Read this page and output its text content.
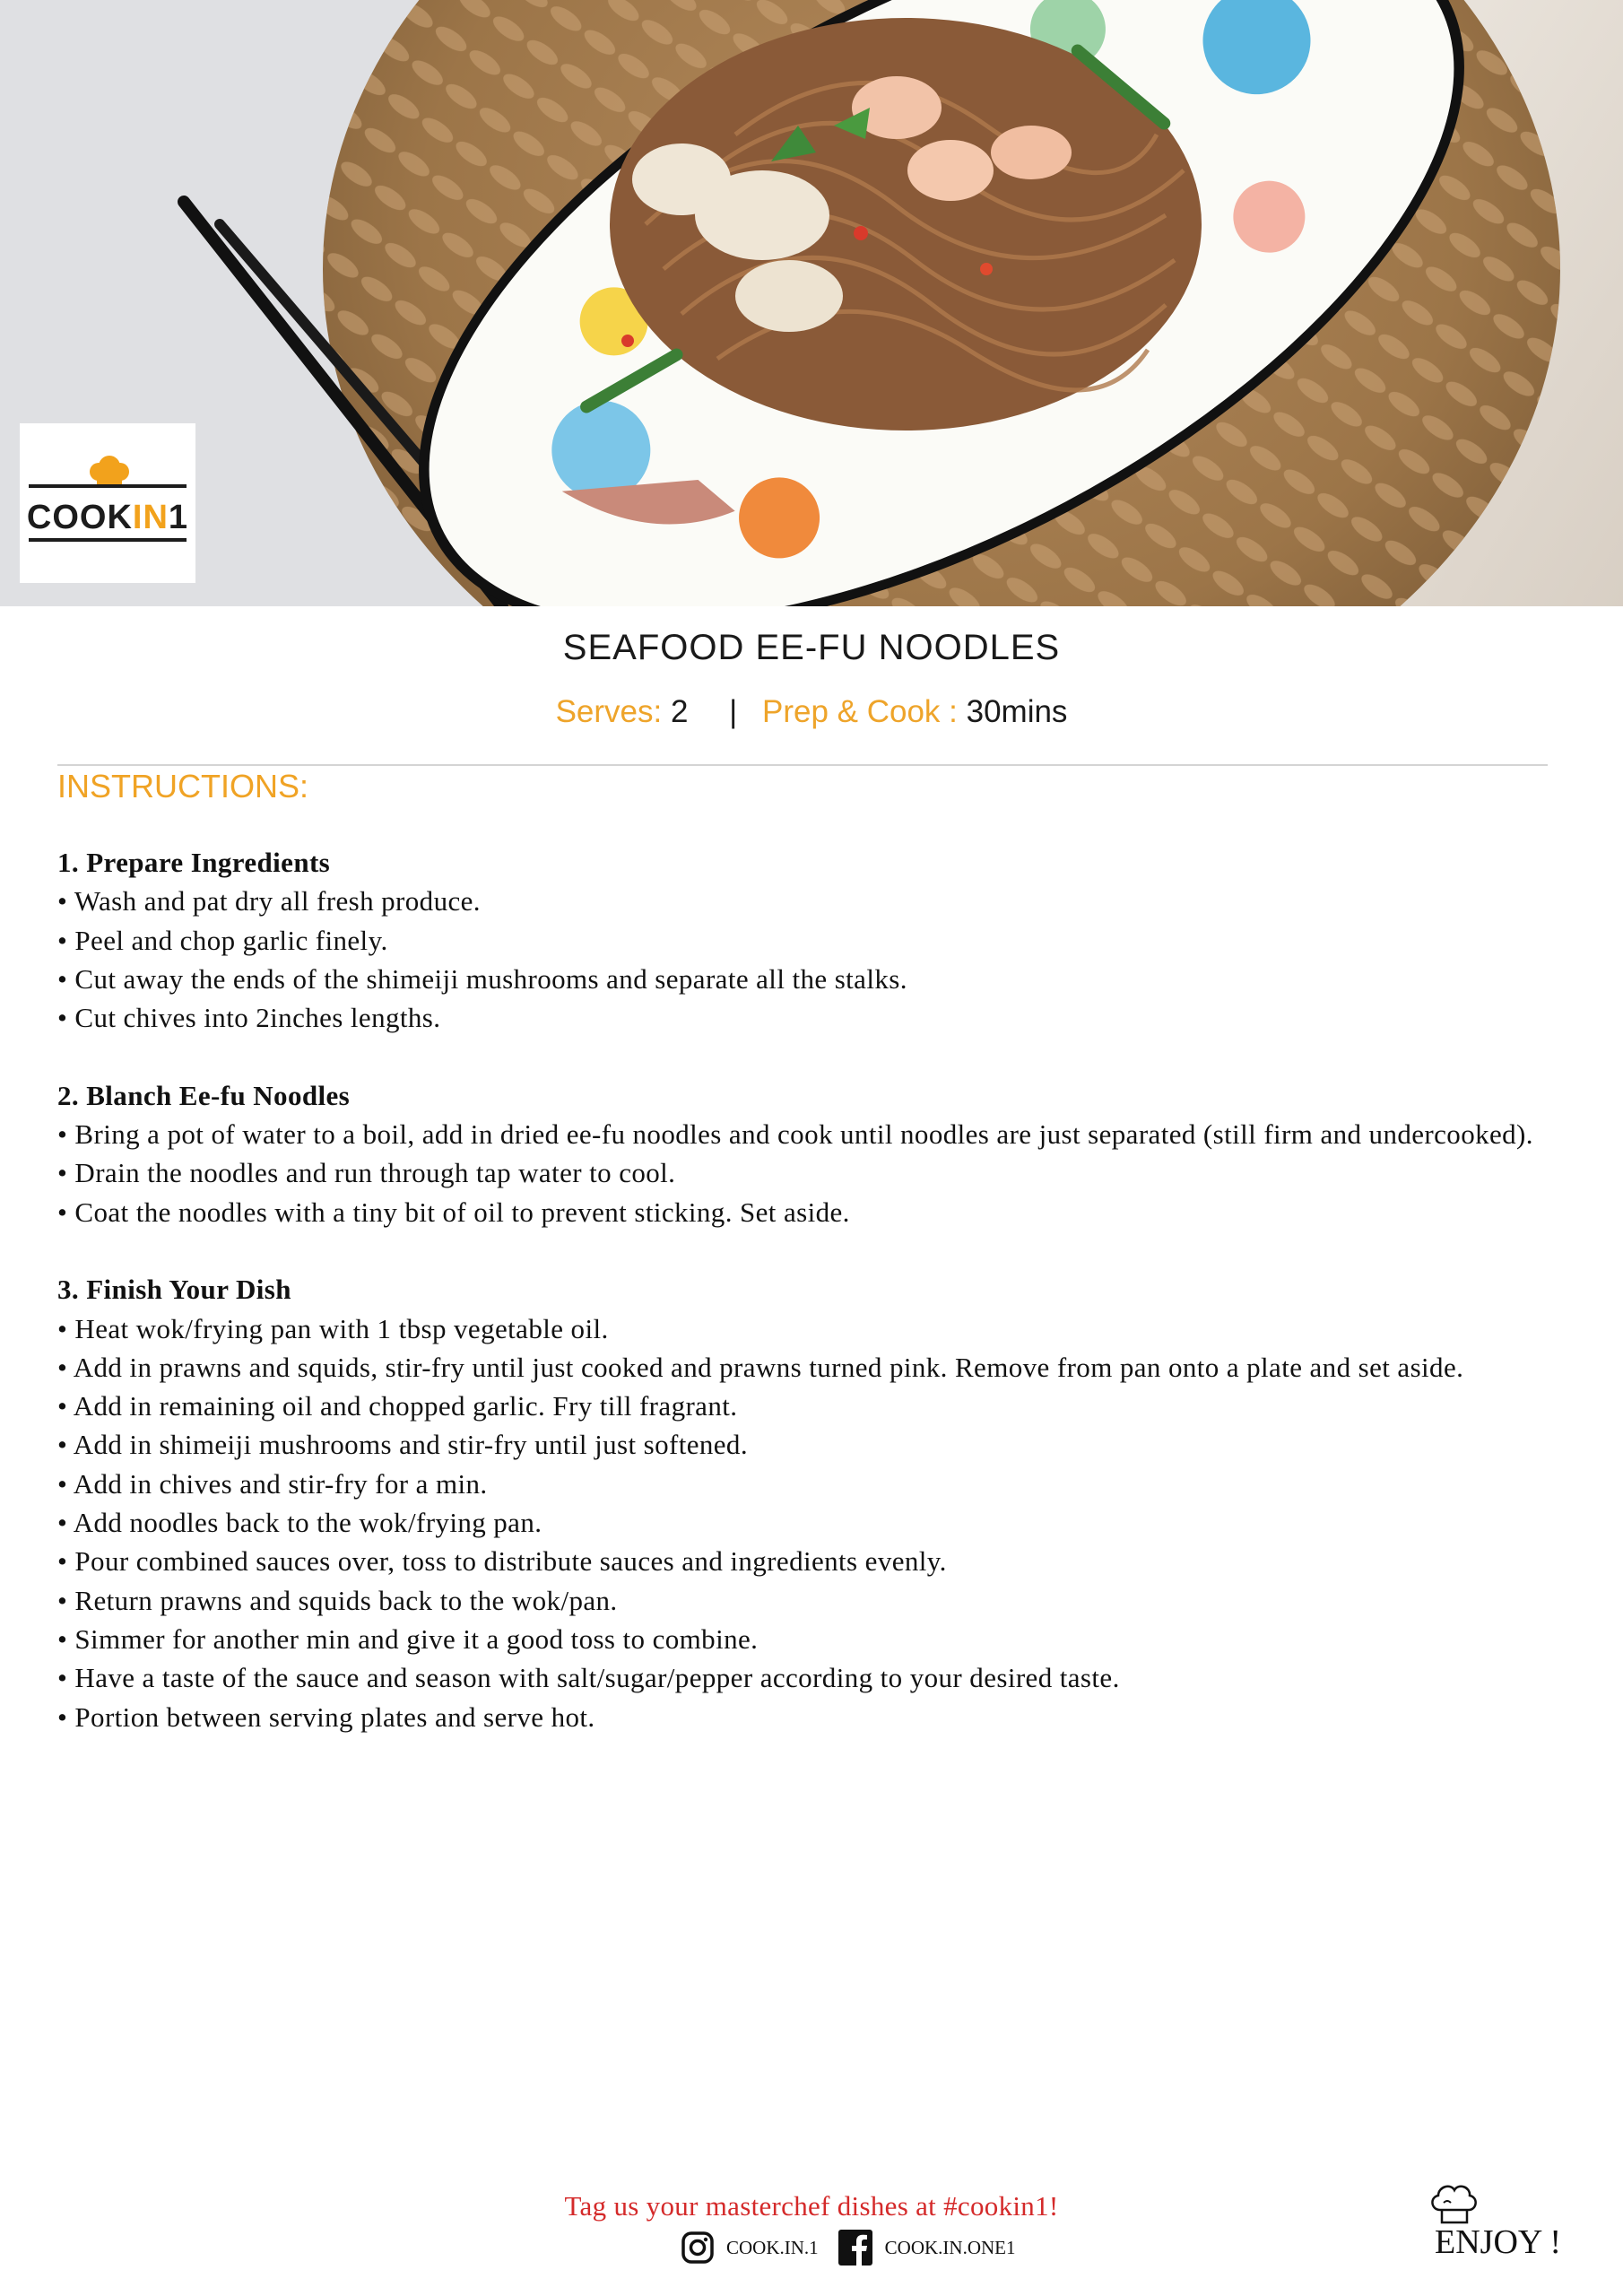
COOKIN1
SEAFOOD EE-FU NOODLES
Serves: 2 | Prep & Cook : 30mins
INSTRUCTIONS:
1. Prepare Ingredients

• Wash and pat dry all fresh produce.

• Peel and chop garlic finely.

• Cut away the ends of the shimeiji mushrooms and separate all the stalks.

• Cut chives into 2inches lengths.

2. Blanch Ee-fu Noodles

• Bring a pot of water to a boil, add in dried ee-fu noodles and cook until noodles are just separated (still firm and undercooked).

• Drain the noodles and run through tap water to cool.

• Coat the noodles with a tiny bit of oil to prevent sticking. Set aside.

3. Finish Your Dish

• Heat wok/frying pan with 1 tbsp vegetable oil.

• Add in prawns and squids, stir-fry until just cooked and prawns turned pink. Remove from pan onto a plate and set aside.

• Add in remaining oil and chopped garlic. Fry till fragrant.

• Add in shimeiji mushrooms and stir-fry until just softened.

• Add in chives and stir-fry for a min.

• Add noodles back to the wok/frying pan.

• Pour combined sauces over, toss to distribute sauces and ingredients evenly.

• Return prawns and squids back to the wok/pan.

• Simmer for another min and give it a good toss to combine.

• Have a taste of the sauce and season with salt/sugar/pepper according to your desired taste.

• Portion between serving plates and serve hot.

Tag us your masterchef dishes at #cookin1!
COOK.IN.1	COOK.IN.ONE1	ENJOY !
